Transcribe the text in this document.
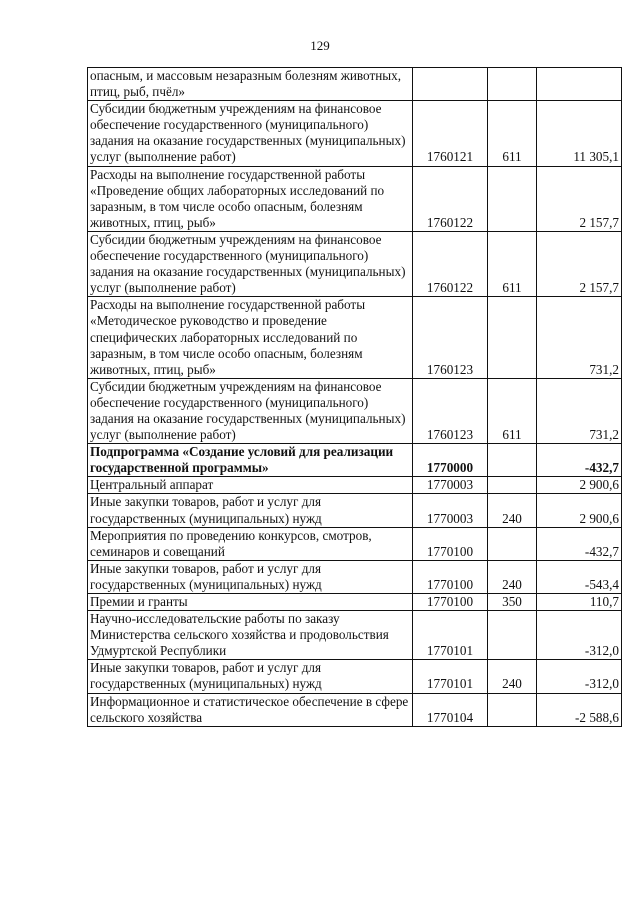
129
опасным, и массовым незаразным болезням животных, птиц, рыб, пчёл»			
Субсидии бюджетным учреждениям на финансовое обеспечение государственного (муниципального) задания на оказание государственных (муниципальных) услуг (выполнение работ)	1760121	611	11 305,1
Расходы на выполнение государственной работы «Проведение общих лабораторных исследований по заразным, в том числе особо опасным, болезням животных, птиц, рыб»	1760122		2 157,7
Субсидии бюджетным учреждениям на финансовое обеспечение государственного (муниципального) задания на оказание государственных (муниципальных) услуг (выполнение работ)	1760122	611	2 157,7
Расходы на выполнение государственной работы «Методическое руководство и проведение специфических лабораторных исследований по заразным, в том числе особо опасным, болезням животных, птиц, рыб»	1760123		731,2
Субсидии бюджетным учреждениям на финансовое обеспечение государственного (муниципального) задания на оказание государственных (муниципальных) услуг (выполнение работ)	1760123	611	731,2
Подпрограмма «Создание условий для реализации государственной программы»	1770000		-432,7
Центральный аппарат	1770003		2 900,6
Иные закупки товаров, работ и услуг для государственных (муниципальных) нужд	1770003	240	2 900,6
Мероприятия по проведению конкурсов, смотров, семинаров и совещаний	1770100		-432,7
Иные закупки товаров, работ и услуг для государственных (муниципальных) нужд	1770100	240	-543,4
Премии и гранты	1770100	350	110,7
Научно-исследовательские работы по заказу Министерства сельского хозяйства и продовольствия Удмуртской Республики	1770101		-312,0
Иные закупки товаров, работ и услуг для государственных (муниципальных) нужд	1770101	240	-312,0
Информационное и статистическое обеспечение в сфере сельского хозяйства	1770104		-2 588,6
